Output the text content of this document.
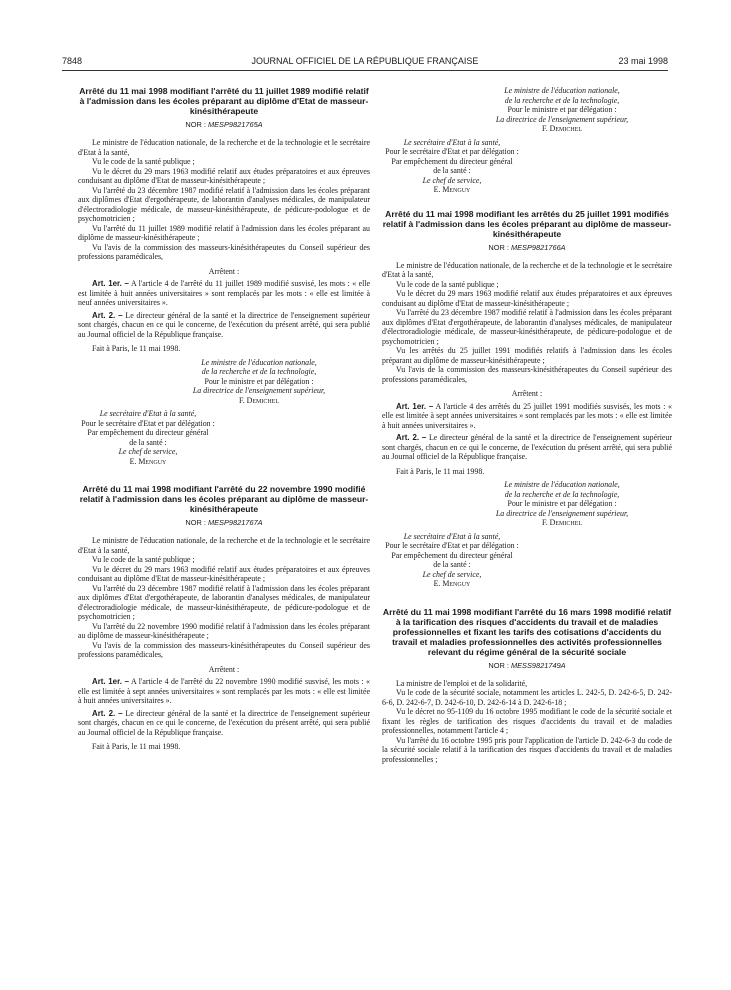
7848	JOURNAL OFFICIEL DE LA RÉPUBLIQUE FRANÇAISE	23 mai 1998
Arrêté du 11 mai 1998 modifiant l'arrêté du 11 juillet 1989 modifié relatif à l'admission dans les écoles préparant au diplôme d'Etat de masseur-kinésithérapeute
NOR : MESP9821765A

Le ministre de l'éducation nationale, de la recherche et de la technologie et le secrétaire d'Etat à la santé,

Vu le code de la santé publique ;

Vu le décret du 29 mars 1963 modifié relatif aux études préparatoires et aux épreuves conduisant au diplôme d'Etat de masseur-kinésithérapeute ;

Vu l'arrêté du 23 décembre 1987 modifié relatif à l'admission dans les écoles préparant aux diplômes d'Etat d'ergothérapeute, de laborantin d'analyses médicales, de manipulateur d'électroradiologie médicale, de masseur-kinésithérapeute, de pédicure-podologue et de psychomotricien ;

Vu l'arrêté du 11 juillet 1989 modifié relatif à l'admission dans les écoles préparant au diplôme de masseur-kinésithérapeute ;

Vu l'avis de la commission des masseurs-kinésithérapeutes du Conseil supérieur des professions paramédicales,

Arrêtent :

Art. 1er. – A l'article 4 de l'arrêté du 11 juillet 1989 modifié susvisé, les mots : « elle est limitée à huit années universitaires » sont remplacés par les mots : « elle est limitée à neuf années universitaires ».

Art. 2. – Le directeur général de la santé et la directrice de l'enseignement supérieur sont chargés, chacun en ce qui le concerne, de l'exécution du présent arrêté, qui sera publié au Journal officiel de la République française.

Fait à Paris, le 11 mai 1998.

Le ministre de l'éducation nationale,
de la recherche et de la technologie,
Pour le ministre et par délégation :
La directrice de l'enseignement supérieur,
F. Demichel
Le secrétaire d'Etat à la santé,
Pour le secrétaire d'Etat et par délégation :
Par empêchement du directeur général
de la santé :
Le chef de service,
E. Menguy
Arrêté du 11 mai 1998 modifiant l'arrêté du 22 novembre 1990 modifié relatif à l'admission dans les écoles préparant au diplôme de masseur-kinésithérapeute
NOR : MESP9821767A

Le ministre de l'éducation nationale, de la recherche et de la technologie et le secrétaire d'Etat à la santé,

Vu le code de la santé publique ;

Vu le décret du 29 mars 1963 modifié relatif aux études préparatoires et aux épreuves conduisant au diplôme d'Etat de masseur-kinésithérapeute ;

Vu l'arrêté du 23 décembre 1987 modifié relatif à l'admission dans les écoles préparant aux diplômes d'Etat d'ergothérapeute, de laborantin d'analyses médicales, de manipulateur d'électroradiologie médicale, de masseur-kinésithérapeute, de pédicure-podologue et de psychomotricien ;

Vu l'arrêté du 22 novembre 1990 modifié relatif à l'admission dans les écoles préparant au diplôme de masseur-kinésithérapeute ;

Vu l'avis de la commission des masseurs-kinésithérapeutes du Conseil supérieur des professions paramédicales,

Arrêtent :

Art. 1er. – A l'article 4 de l'arrêté du 22 novembre 1990 modifié susvisé, les mots : « elle est limitée à sept années universitaires » sont remplacés par les mots : « elle est limitée à huit années universitaires ».

Art. 2. – Le directeur général de la santé et la directrice de l'enseignement supérieur sont chargés, chacun en ce qui le concerne, de l'exécution du présent arrêté, qui sera publié au Journal officiel de la République française.

Fait à Paris, le 11 mai 1998.

Le ministre de l'éducation nationale,
de la recherche et de la technologie,
Pour le ministre et par délégation :
La directrice de l'enseignement supérieur,
F. Demichel
Le secrétaire d'Etat à la santé,
Pour le secrétaire d'Etat et par délégation :
Par empêchement du directeur général
de la santé :
Le chef de service,
E. Menguy
Arrêté du 11 mai 1998 modifiant les arrêtés du 25 juillet 1991 modifiés relatif à l'admission dans les écoles préparant au diplôme de masseur-kinésithérapeute
NOR : MESP9821766A

Le ministre de l'éducation nationale, de la recherche et de la technologie et le secrétaire d'Etat à la santé,

Vu le code de la santé publique ;

Vu le décret du 29 mars 1963 modifié relatif aux études préparatoires et aux épreuves conduisant au diplôme d'Etat de masseur-kinésithérapeute ;

Vu l'arrêté du 23 décembre 1987 modifié relatif à l'admission dans les écoles préparant aux diplômes d'Etat d'ergothérapeute, de laborantin d'analyses médicales, de manipulateur d'électroradiologie médicale, de masseur-kinésithérapeute, de pédicure-podologue et de psychomotricien ;

Vu les arrêtés du 25 juillet 1991 modifiés relatifs à l'admission dans les écoles préparant au diplôme de masseur-kinésithérapeute ;

Vu l'avis de la commission des masseurs-kinésithérapeutes du Conseil supérieur des professions paramédicales,

Arrêtent :

Art. 1er. – A l'article 4 des arrêtés du 25 juillet 1991 modifiés susvisés, les mots : « elle est limitée à sept années universitaires » sont remplacés par les mots : « elle est limitée à huit années universitaires ».

Art. 2. – Le directeur général de la santé et la directrice de l'enseignement supérieur sont chargés, chacun en ce qui le concerne, de l'exécution du présent arrêté, qui sera publié au Journal officiel de la République française.

Fait à Paris, le 11 mai 1998.

Le ministre de l'éducation nationale,
de la recherche et de la technologie,
Pour le ministre et par délégation :
La directrice de l'enseignement supérieur,
F. Demichel
Le secrétaire d'Etat à la santé,
Pour le secrétaire d'Etat et par délégation :
Par empêchement du directeur général
de la santé :
Le chef de service,
E. Menguy
Arrêté du 11 mai 1998 modifiant l'arrêté du 16 mars 1998 modifié relatif à la tarification des risques d'accidents du travail et de maladies professionnelles et fixant les tarifs des cotisations d'accidents du travail et maladies professionnelles des activités professionnelles relevant du régime général de la sécurité sociale
NOR : MESS9821749A

La ministre de l'emploi et de la solidarité,

Vu le code de la sécurité sociale, notamment les articles L. 242-5, D. 242-6-5, D. 242-6-6, D. 242-6-7, D. 242-6-10, D. 242-6-14 à D. 242-6-18 ;

Vu le décret no 95-1109 du 16 octobre 1995 modifiant le code de la sécurité sociale et fixant les règles de tarification des risques d'accidents du travail et de maladies professionnelles, notamment l'article 4 ;

Vu l'arrêté du 16 octobre 1995 pris pour l'application de l'article D. 242-6-3 du code de la sécurité sociale relatif à la tarification des risques d'accidents du travail et de maladies professionnelles ;
